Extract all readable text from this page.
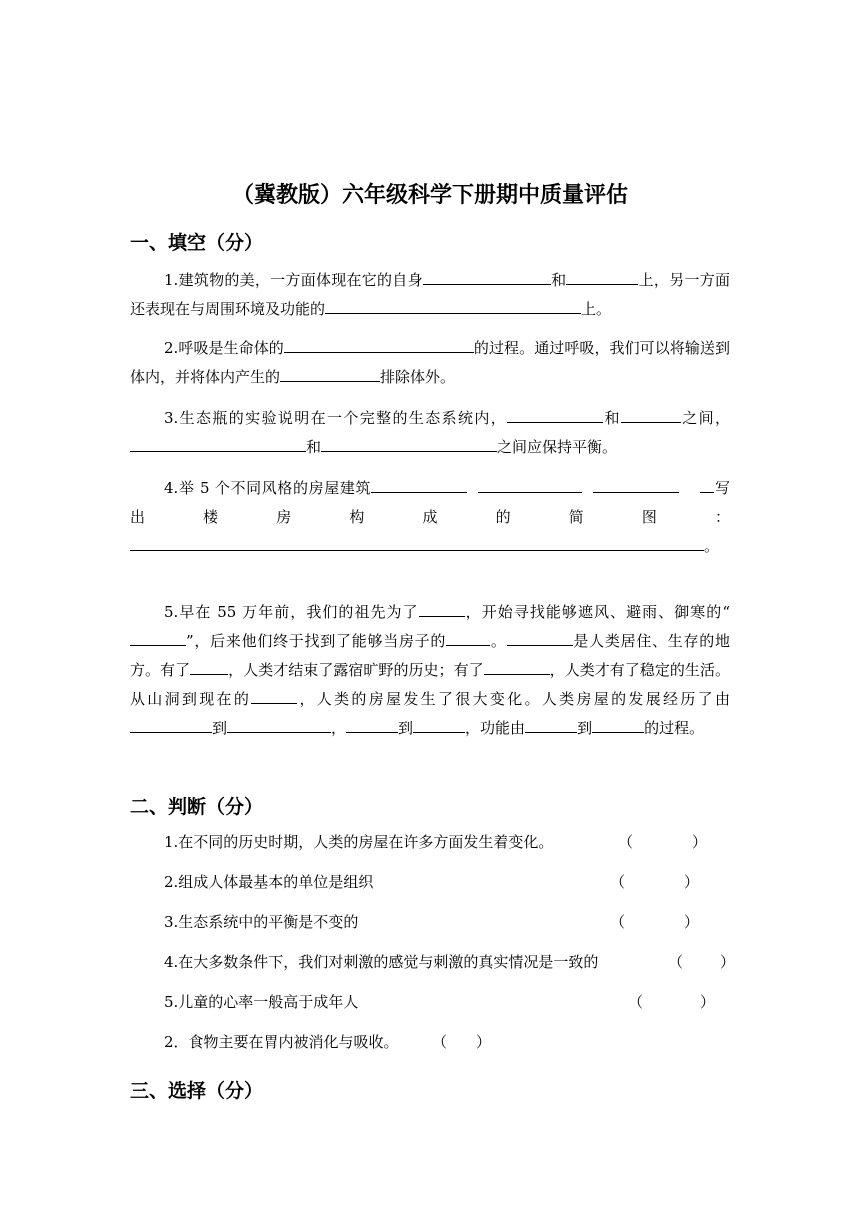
（冀教版）六年级科学下册期中质量评估
一、填空（分）
1.建筑物的美，一方面体现在它的自身	和	上，另一方面还表现在与周围环境及功能的	上。
2.呼吸是生命体的	的过程。通过呼吸，我们可以将输送到体内，并将体内产生的	排除体外。
3.生态瓶的实验说明在一个完整的生态系统内，	和	之间，和	之间应保持平衡。
4.举 5 个不同风格的房屋建筑	写出楼房构成的简图：。
5.早在 55 万年前，我们的祖先为了	，开始寻找能够遮风、避雨、御寒的“”，后来他们终于找到了能够当房子的	。	是人类居住、生存的地方。有了	，人类才结束了露宿旷野的历史；有了	，人类才有了稳定的生活。从山洞到现在的	，人类的房屋发生了很大变化。人类房屋的发展经历了由到	，	到	，功能由	到	的过程。
二、判断（分）
1.在不同的历史时期，人类的房屋在许多方面发生着变化。	（	）
2.组成人体最基本的单位是组织	（	）
3.生态系统中的平衡是不变的	（	）
4.在大多数条件下，我们对刺激的感觉与刺激的真实情况是一致的	（ ）
5.儿童的心率一般高于成年人	（	）
2．食物主要在胃内被消化与吸收。 （ ）
三、选择（分）
